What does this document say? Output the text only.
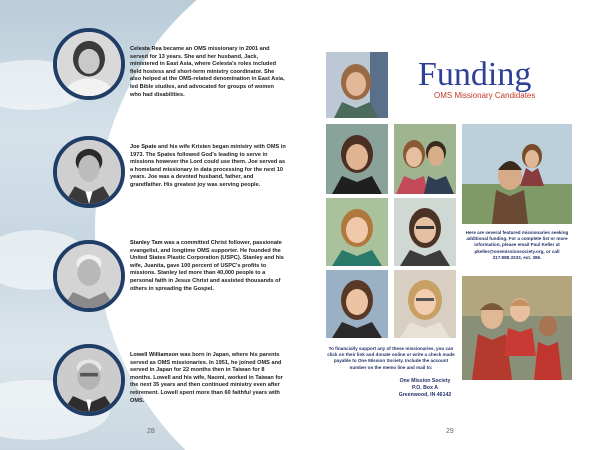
Celesta Rea became an OMS missionary in 2001 and served for 13 years. She and her husband, Jack, ministered in East Asia, where Celesta's roles included field hostess and short-term ministry coordinator. She also helped at the OMS-related denomination in East Asia, led Bible studies, and advocated for groups of women who had disabilities.
Joe Spate and his wife Kristen began ministry with OMS in 1973. The Spates followed God's leading to serve in missions however the Lord could use them. Joe served as a homeland missionary in data processing for the next 10 years. Joe was a devoted husband, father, and grandfather. His greatest joy was serving people.
Stanley Tam was a committed Christ follower, passionate evangelist, and longtime OMS supporter. He founded the United States Plastic Corporation (USPC). Stanley and his wife, Juanita, gave 100 percent of USPC's profits to missions. Stanley led more than 40,000 people to a personal faith in Jesus Christ and assisted thousands of others in spreading the Gospel.
Lowell Williamson was born in Japan, where his parents served as OMS missionaries. In 1951, he joined OMS and served in Japan for 22 months then in Taiwan for 8 months. Lowell and his wife, Naomi, worked in Taiwan for the next 35 years and then continued ministry even after retirement. Lowell spent more than 60 faithful years with OMS.
28
Funding
OMS Missionary Candidates
Here are several featured missionaries seeking additional funding. For a complete list or more information, please email Paul Keller at pkeller@onemissionsociety.org, or call 317.888.3333, ext. 386.
To financially support any of these missionaries, you can click on their link and donate online or write a check made payable to One Mission Society. Include the account number on the memo line and mail to:
One Mission Society
P.O. Box A
Greenwood, IN 46142
29
